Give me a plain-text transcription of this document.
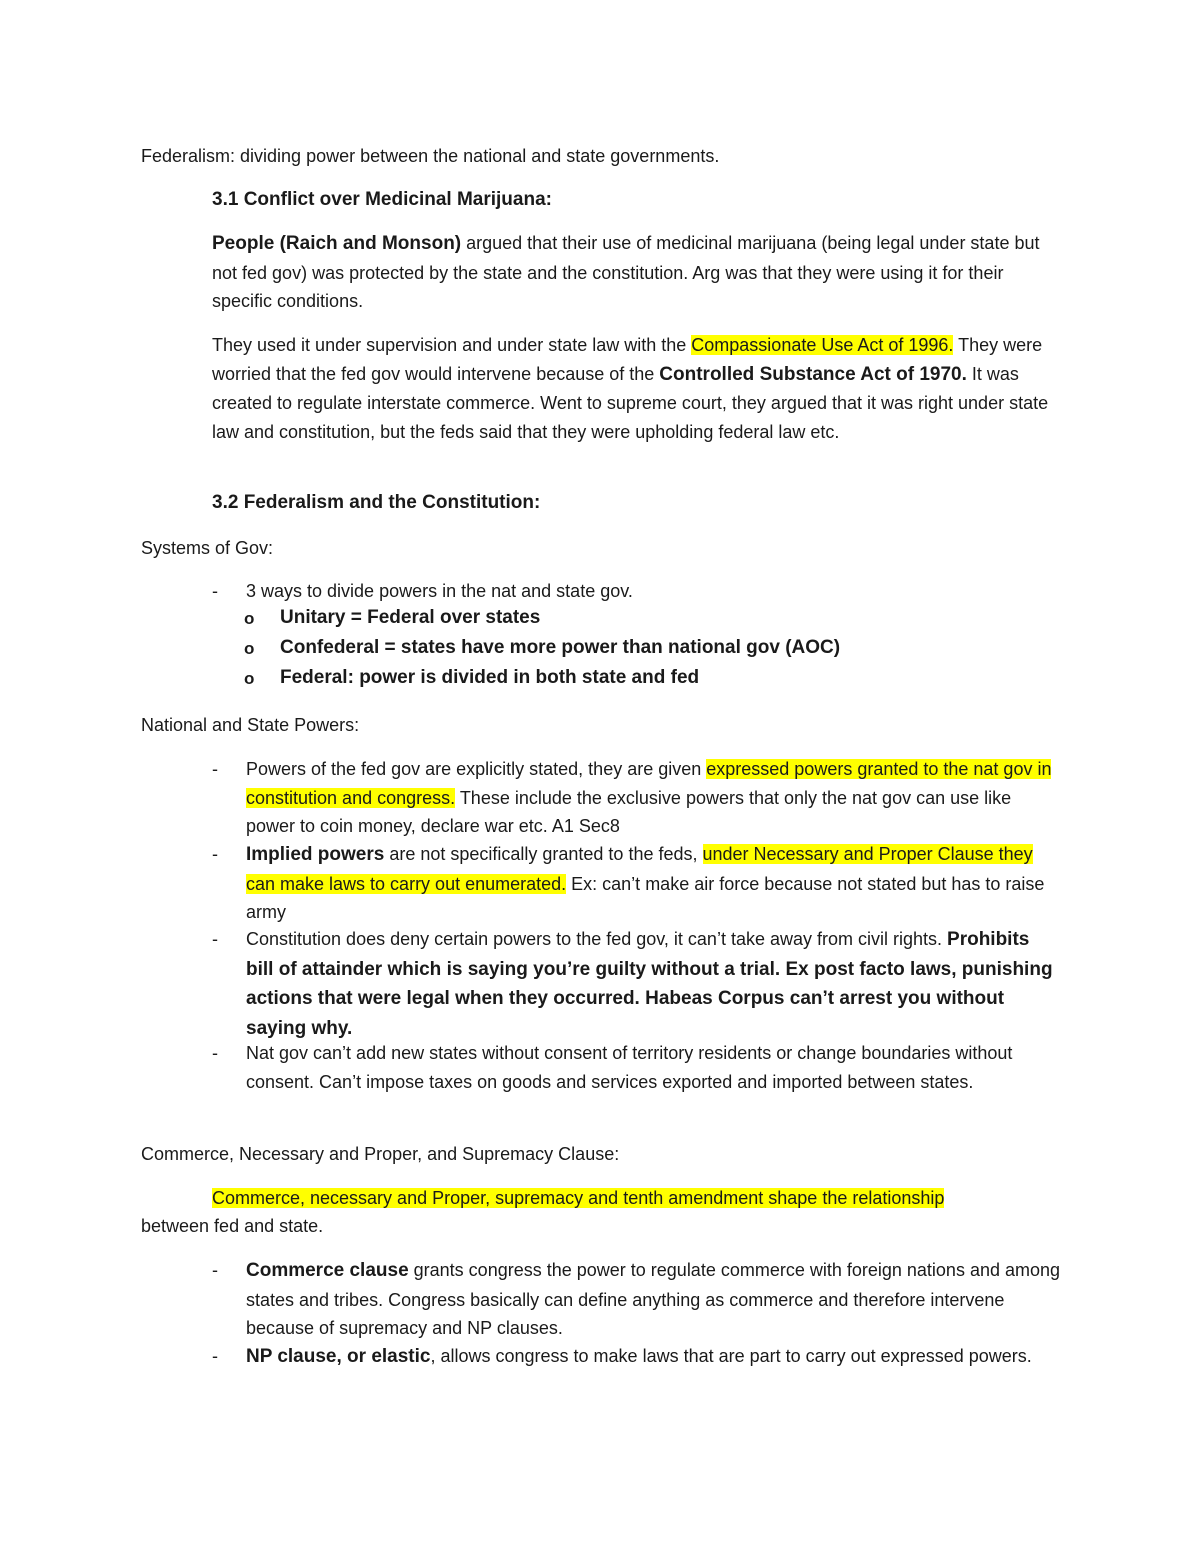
Federalism: dividing power between the national and state governments.

3.1 Conflict over Medicinal Marijuana:

People (Raich and Monson) argued that their use of medicinal marijuana (being legal under state but not fed gov) was protected by the state and the constitution. Arg was that they were using it for their specific conditions.

They used it under supervision and under state law with the Compassionate Use Act of 1996. They were worried that the fed gov would intervene because of the Controlled Substance Act of 1970. It was created to regulate interstate commerce. Went to supreme court, they argued that it was right under state law and constitution, but the feds said that they were upholding federal law etc.

3.2 Federalism and the Constitution:

Systems of Gov:

- 3 ways to divide powers in the nat and state gov.

o Unitary = Federal over states
o Confederal = states have more power than national gov (AOC)
o Federal: power is divided in both state and fed

National and State Powers:

- Powers of the fed gov are explicitly stated, they are given expressed powers granted to the nat gov in constitution and congress. These include the exclusive powers that only the nat gov can use like power to coin money, declare war etc. A1 Sec8

- Implied powers are not specifically granted to the feds, under Necessary and Proper Clause they can make laws to carry out enumerated. Ex: can’t make air force because not stated but has to raise army

- Constitution does deny certain powers to the fed gov, it can’t take away from civil rights. Prohibits bill of attainder which is saying you’re guilty without a trial. Ex post facto laws, punishing actions that were legal when they occurred. Habeas Corpus can’t arrest you without saying why.

- Nat gov can’t add new states without consent of territory residents or change boundaries without consent. Can’t impose taxes on goods and services exported and imported between states.

Commerce, Necessary and Proper, and Supremacy Clause:

Commerce, necessary and Proper, supremacy and tenth amendment shape the relationship

between fed and state.

- Commerce clause grants congress the power to regulate commerce with foreign nations and among states and tribes. Congress basically can define anything as commerce and therefore intervene because of supremacy and NP clauses.

- NP clause, or elastic, allows congress to make laws that are part to carry out expressed powers.
